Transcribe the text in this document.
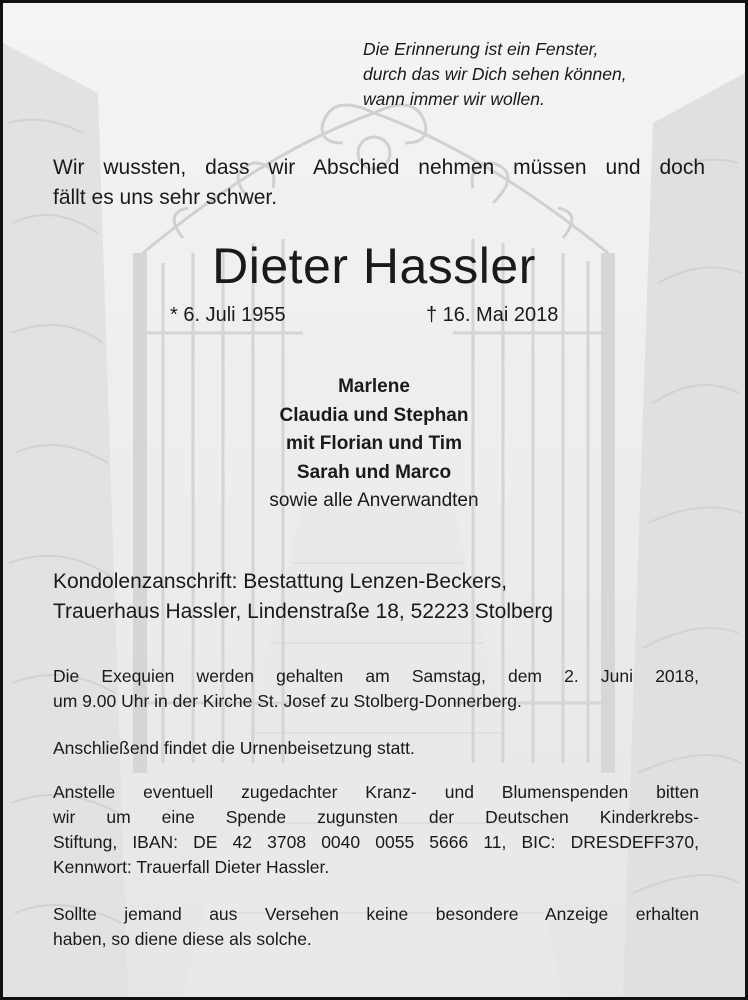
Die Erinnerung ist ein Fenster,
durch das wir Dich sehen können,
wann immer wir wollen.

Wir wussten, dass wir Abschied nehmen müssen und doch
fällt es uns sehr schwer.

Dieter Hassler
* 6. Juli 1955	† 16. Mai 2018
Marlene
Claudia und Stephan
mit Florian und Tim
Sarah und Marco
sowie alle Anverwandten

Kondolenzanschrift: Bestattung Lenzen-Beckers,
Trauerhaus Hassler, Lindenstraße 18, 52223 Stolberg

Die Exequien werden gehalten am Samstag, dem 2. Juni 2018,
um 9.00 Uhr in der Kirche St. Josef zu Stolberg-Donnerberg.

Anschließend findet die Urnenbeisetzung statt.

Anstelle eventuell zugedachter Kranz- und Blumenspenden bitten
wir um eine Spende zugunsten der Deutschen Kinderkrebs-
Stiftung, IBAN: DE 42 3708 0040 0055 5666 11, BIC: DRESDEFF370,
Kennwort: Trauerfall Dieter Hassler.

Sollte jemand aus Versehen keine besondere Anzeige erhalten
haben, so diene diese als solche.
